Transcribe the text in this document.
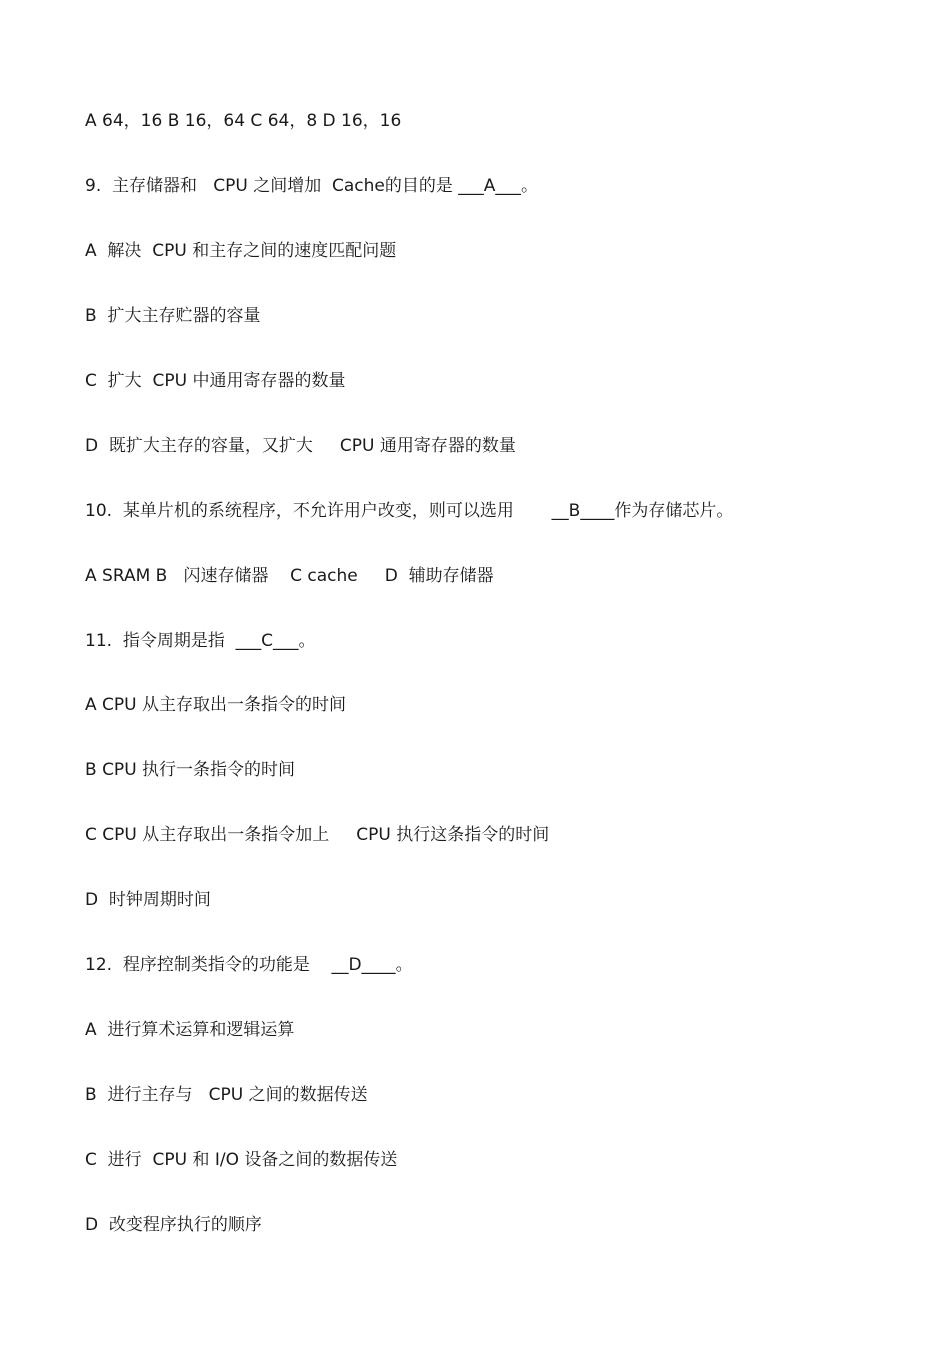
A 64，16 B 16，64 C 64，8 D 16，16
9.  主存储器和   CPU 之间增加  Cache的目的是 ___A___。
A  解决  CPU 和主存之间的速度匹配问题
B  扩大主存贮器的容量
C  扩大  CPU 中通用寄存器的数量
D  既扩大主存的容量，又扩大     CPU 通用寄存器的数量
10.  某单片机的系统程序，不允许用户改变，则可以选用       __B____作为存储芯片。
A SRAM B   闪速存储器    C cache     D  辅助存储器
11.  指令周期是指  ___C___。
A CPU 从主存取出一条指令的时间
B CPU 执行一条指令的时间
C CPU 从主存取出一条指令加上     CPU 执行这条指令的时间
D  时钟周期时间
12.  程序控制类指令的功能是    __D____。
A  进行算术运算和逻辑运算
B  进行主存与   CPU 之间的数据传送
C  进行  CPU 和 I/O 设备之间的数据传送
D  改变程序执行的顺序
